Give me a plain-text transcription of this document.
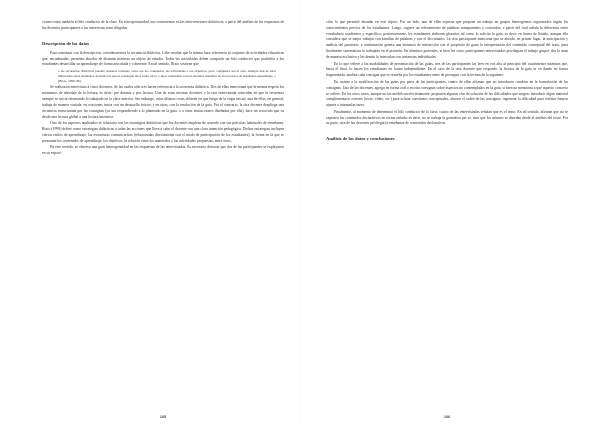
ciones como también al hilo conductor de la clase. En esta oportunidad, nos centraremos en las intervenciones didácticas, a partir del análisis de las respuestas de las docentes participantes a las entrevistas semi dirigidas.

Descripción de los datos

Para comenzar con la descripción, consideraremos la secuencia didáctica. Cabe resaltar que la misma hace referencia al conjunto de actividades educativas que, encadenadas, permiten abordar de distintas maneras un objeto de estudio. Todas las actividades deben compartir un hilo conductor que posibilite a los estudiantes desarrollar su aprendizaje de forma articulada y coherente. En tal sentido, Bixio sostiene que

« las secuencias didácticas pueden pensarse tomando como eje los contenidos, las actividades o los objetivos, pero, cualquiera sea el caso, siempre han de estar imbricados estos elementos de modo tal que se sostengan unos sobre otros, y unos coherentes con los modelos mentales de los procesos de enseñanza-aprendizaje. » (Bixio, 1999: 86).

Se realizaron entrevistas a cinco docentes, de las cuales sólo tres hacen referencia a la secuencia didáctica. Dos de ellas mencionan que la misma respeta los momentos de abordaje de la lectura, es decir: pre durante y pos lectura. Una de estas mismas docentes y la otra entrevistada coinciden en que la secuencia siempre se inicia retomando lo trabajado en la clase anterior. Sin embargo, estas últimas cosas difieren en que luego de la etapa inicial, una de ellas, en general, trabaja de manera variada: en ocasiones inicia con un desarrollo teórico y en otras, con la resolución de la guía. Por el contrario, la otra docente despliega una secuencia estructurada por las consignas (ya sea respondiendo a lo planteado en la guía, o a otras instrucciones diseñadas por ella), hace un recorrido que va desde una lectura global a una lectura intensiva.

Otro de los aspectos analizados se relaciona con las estrategias didácticas que los docentes emplean de acuerdo con sus prácticas habituales de enseñanza. Bixio (1999) define como estrategias didácticas a todas las acciones que lleva a cabo el docente con una clara intención pedagógica. Dichas estrategias incluyen ciertos estilos de aprendizaje: las estructuras comunicativas (relacionadas directamente con el modo de participación de los estudiantes); la forma en la que se presentan los contenidos de aprendizaje, los objetivos, la relación entre los materiales y las actividades propuestas, entre otros.

En este sentido, se observa una gran heterogeneidad en las respuestas de las entrevistadas. Es necesario destacar que dos de las participantes se explayaron en su exposi-

105

ción, lo que permitió ahondar en este tópico. Por un lado, una de ellas expresa que propone un trabajo en grupos heterogéneos organizados según los conocimientos previos de los estudiantes. Luego, sugiere un relevamiento de palabras transparentes y conocidas, a partir del cual señala la diferencia entre vocabulario académico y específico; posteriormente, los estudiantes elaboran glosarios tal como lo solicita la guía, es decir en forma de listado, aunque ella considera que se mejor trabajar con familias de palabras y con el diccionario. La otra participante menciona que se aborda, en primer lugar, la anticipación y análisis del paratexto; a continuación genera una instancia de interacción con el propósito de guiar la interpretación del contenido conceptual del texto, para finalmente sistematizar lo trabajado en el pizarrón. En términos generales, si bien los cinco participantes entrevistados privilegian el trabajo grupal, dos lo usan de manera exclusiva y las demás lo intercalan con instancias individuales.

En lo que refiere a las modalidades de presentación de las guías, tres de las participantes las leen en voz alta al principio del cuatrimestre mientras que, hacia el final, lo hacen los estudiantes en forma independiente. En el caso de la otra docente que responde, la lectura de la guía se va dando en forma fragmentada, analiza cada consigna que es resuelta por los estudiantes antes de proseguir con la lectura de la siguiente.

En cuanto a la modificación de las guías por parte de las participantes, cuatro de ellas afirman que no introducen cambios en la formulación de las consignas. Una de las docentes, agrega en forma oral o escrita consignas sobre aspectos no contemplados en la guía, si bien no menciona a qué aspecto concreto se refiere. En los otros casos, aunque no las modifican efectivamente, proponen algunas vías de solución de las dificultades que surgen: introducir algún material complementario externo (texto, video, etc.) para aclarar cuestiones conceptuales, ahorrar el orden de las consignas, regenerar la dificultad para realizar futuros ajustes o intentarlas tarea.

Finalmente, al momento de determinar el hilo conductor de la clase, cuatro de las entrevistadas señalan que es el texto. En tal sentido, afirman que no se exponen los contenidos declarativos en forma aislada; es decir, no se trabaja la gramática per se, sino que los mismos se abordan desde el análisis del texto. Por su parte, otra de las docentes privilegia la enseñanza de contenidos declarativos.

Análisis de los datos y conclusiones
106
